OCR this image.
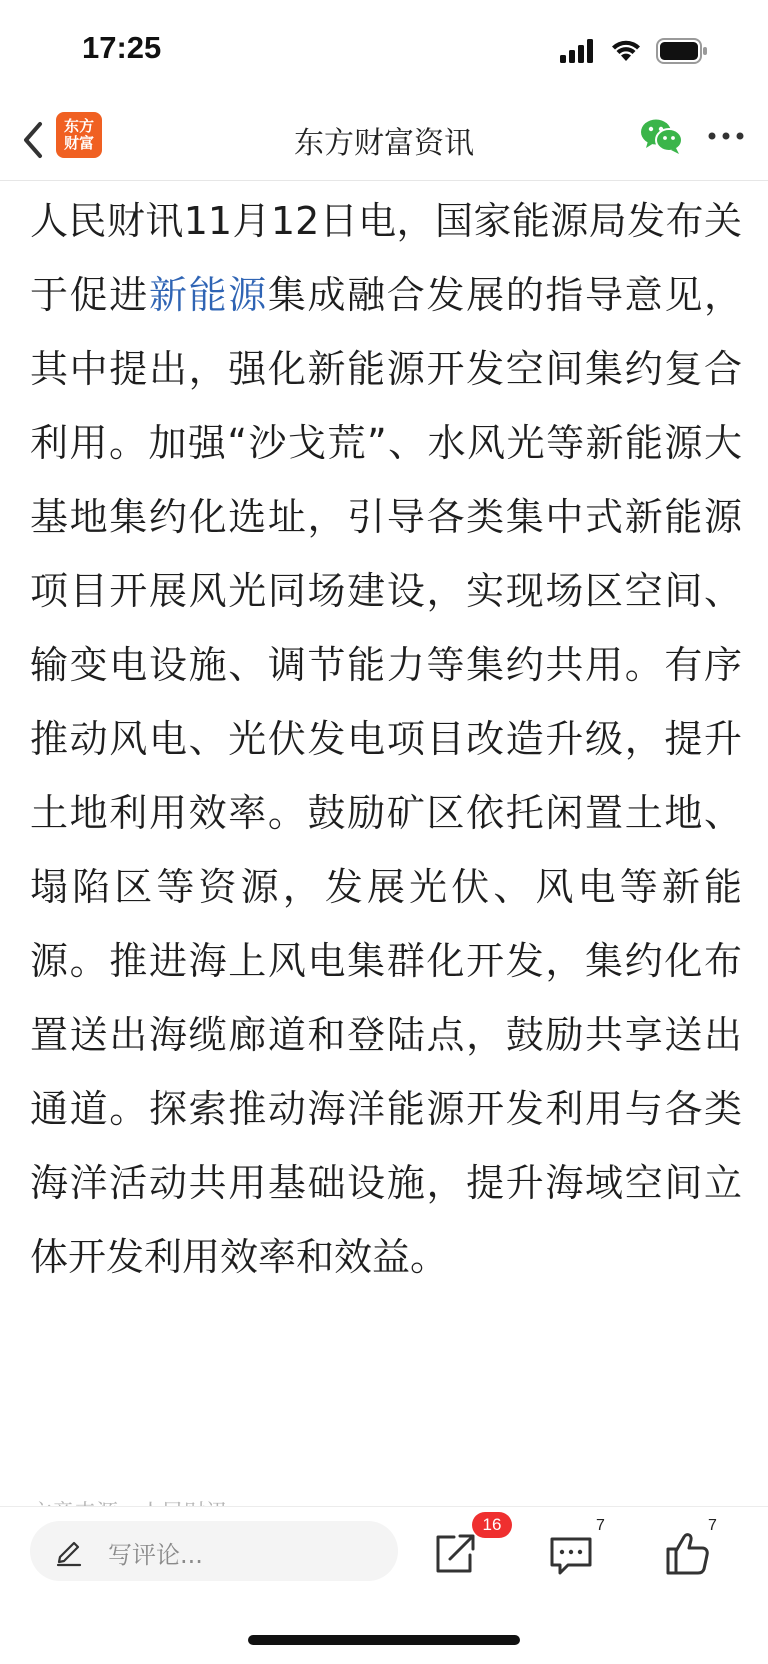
17:25
东方
财富	东方财富资讯
人民财讯11月12日电，国家能源局发布关于促进新能源集成融合发展的指导意见，其中提出，强化新能源开发空间集约复合利用。加强“沙戈荒”、水风光等新能源大基地集约化选址，引导各类集中式新能源项目开展风光同场建设，实现场区空间、输变电设施、调节能力等集约共用。有序推动风电、光伏发电项目改造升级，提升土地利用效率。鼓励矿区依托闲置土地、塌陷区等资源，发展光伏、风电等新能源。推进海上风电集群化开发，集约化布置送出海缆廊道和登陆点，鼓励共享送出通道。探索推动海洋能源开发利用与各类海洋活动共用基础设施，提升海域空间立体开发利用效率和效益。
写评论...
16	7	7
